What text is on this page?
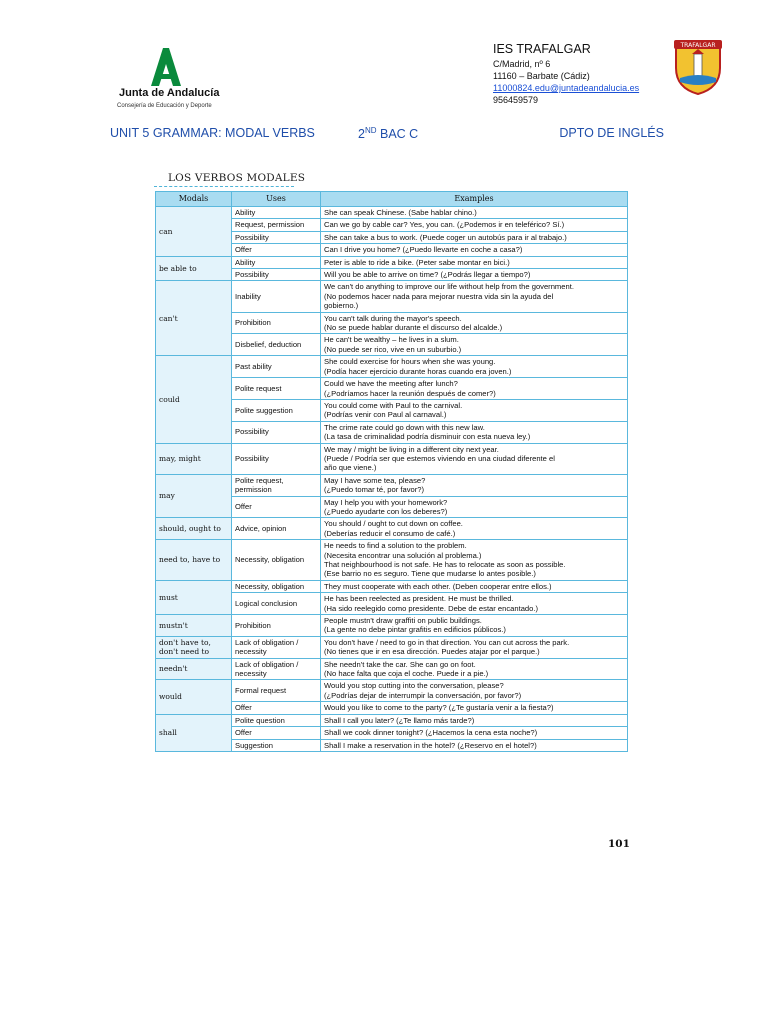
Junta de Andalucía
Consejería de Educación y Deporte
IES TRAFALGAR
C/Madrid, nº 6
11160 – Barbate (Cádiz)
11000824.edu@juntadeandalucia.es
956459579
TRAFALGAR
UNIT 5 GRAMMAR: MODAL VERBS	2ND BAC C	DPTO DE INGLÉS
LOS VERBOS MODALES
Modals	Uses	Examples
can	Ability	She can speak Chinese. (Sabe hablar chino.)

	Request, permission	Can we go by cable car? Yes, you can. (¿Podemos ir en teleférico? Sí.)

	Possibility	She can take a bus to work. (Puede coger un autobús para ir al trabajo.)

	Offer	Can I drive you home? (¿Puedo llevarte en coche a casa?)

be able to	Ability	Peter is able to ride a bike. (Peter sabe montar en bici.)

	Possibility	Will you be able to arrive on time? (¿Podrás llegar a tiempo?)

can't	Inability	We can't do anything to improve our life without help from the government.
(No podemos hacer nada para mejorar nuestra vida sin la ayuda del
gobierno.)

	Prohibition	You can't talk during the mayor's speech.
(No se puede hablar durante el discurso del alcalde.)

	Disbelief, deduction	He can't be wealthy – he lives in a slum.
(No puede ser rico, vive en un suburbio.)

could	Past ability	She could exercise for hours when she was young.
(Podía hacer ejercicio durante horas cuando era joven.)

	Polite request	Could we have the meeting after lunch?
(¿Podríamos hacer la reunión después de comer?)

	Polite suggestion	You could come with Paul to the carnival.
(Podrías venir con Paul al carnaval.)

	Possibility	The crime rate could go down with this new law.
(La tasa de criminalidad podría disminuir con esta nueva ley.)

may, might	Possibility	We may / might be living in a different city next year.
(Puede / Podría ser que estemos viviendo en una ciudad diferente el
año que viene.)

may	Polite request, permission	May I have some tea, please?
(¿Puedo tomar té, por favor?)

	Offer	May I help you with your homework?
(¿Puedo ayudarte con los deberes?)

should, ought to	Advice, opinion	You should / ought to cut down on coffee.
(Deberías reducir el consumo de café.)

need to, have to	Necessity, obligation	He needs to find a solution to the problem.
(Necesita encontrar una solución al problema.)
That neighbourhood is not safe. He has to relocate as soon as possible.
(Ese barrio no es seguro. Tiene que mudarse lo antes posible.)

must	Necessity, obligation	They must cooperate with each other. (Deben cooperar entre ellos.)

	Logical conclusion	He has been reelected as president. He must be thrilled.
(Ha sido reelegido como presidente. Debe de estar encantado.)

mustn't	Prohibition	People mustn't draw graffiti on public buildings.
(La gente no debe pintar grafitis en edificios públicos.)

don't have to, don't need to	Lack of obligation / necessity	You don't have / need to go in that direction. You can cut across the park.
(No tienes que ir en esa dirección. Puedes atajar por el parque.)

needn't	Lack of obligation / necessity	She needn't take the car. She can go on foot.
(No hace falta que coja el coche. Puede ir a pie.)

would	Formal request	Would you stop cutting into the conversation, please?
(¿Podrías dejar de interrumpir la conversación, por favor?)

	Offer	Would you like to come to the party? (¿Te gustaría venir a la fiesta?)

shall	Polite question	Shall I call you later? (¿Te llamo más tarde?)

	Offer	Shall we cook dinner tonight? (¿Hacemos la cena esta noche?)

	Suggestion	Shall I make a reservation in the hotel? (¿Reservo en el hotel?)
101
